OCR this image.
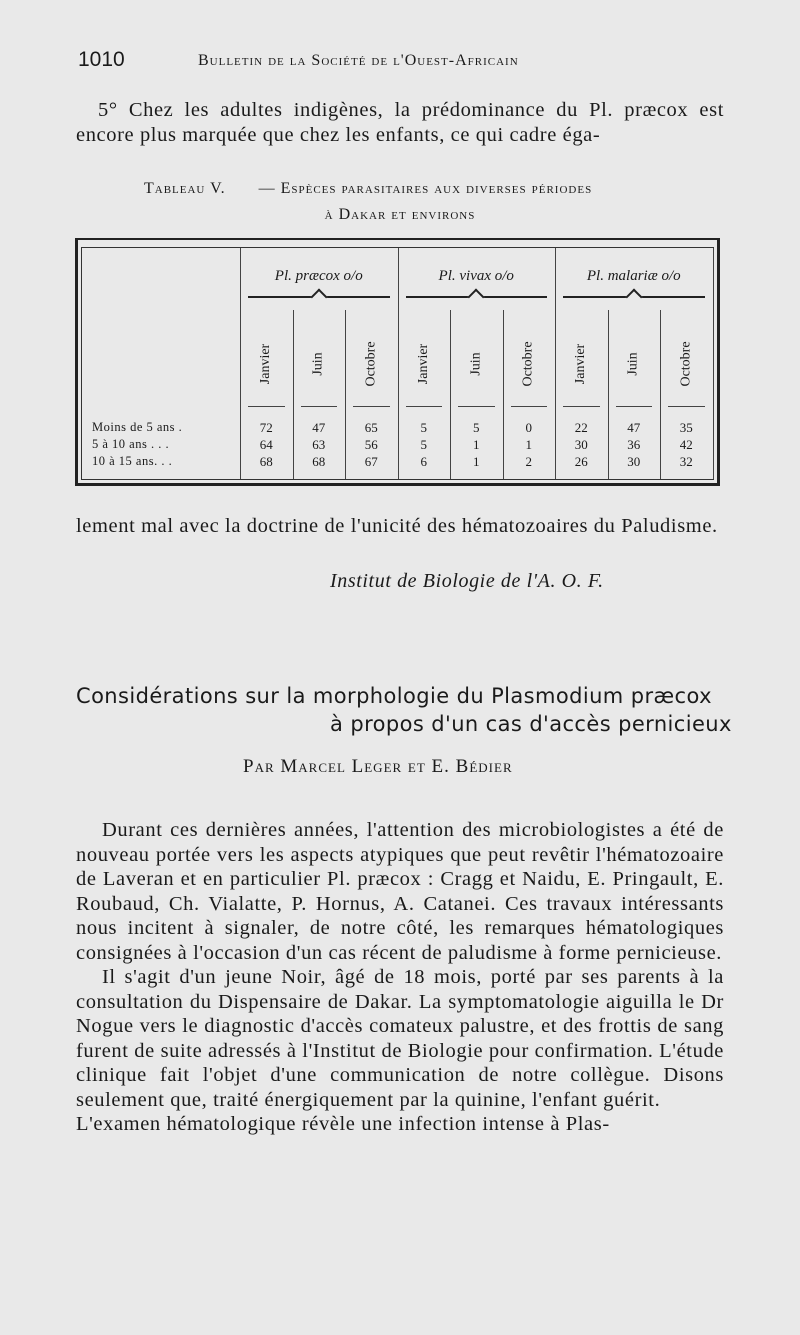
1010	Bulletin de la Société de l'Ouest-Africain
5° Chez les adultes indigènes, la prédominance du Pl. præcox est encore plus marquée que chez les enfants, ce qui cadre éga-
Tableau V. — Espèces parasitaires aux diverses périodes
à Dakar et environs
Pl. præcox o/o	Pl. vivax o/o	Pl. malariæ o/o
Janvier	Juin	Octobre	Janvier	Juin	Octobre	Janvier	Juin	Octobre
Moins de 5 ans .	72	47	65	5	5	0	22	47	35
5 à 10 ans . . .	64	63	56	5	1	1	30	36	42
10 à 15 ans. . .	68	68	67	6	1	2	26	30	32
lement mal avec la doctrine de l'unicité des hématozoaires du Paludisme.
Institut de Biologie de l'A. O. F.
Considérations sur la morphologie du Plasmodium præcox
à propos d'un cas d'accès pernicieux
Par Marcel Leger et E. Bédier

Durant ces dernières années, l'attention des microbiologistes a été de nouveau portée vers les aspects atypiques que peut revêtir l'hématozoaire de Laveran et en particulier Pl. præcox : Cragg et Naidu, E. Pringault, E. Roubaud, Ch. Vialatte, P. Hornus, A. Catanei. Ces travaux intéressants nous incitent à signaler, de notre côté, les remarques hématologiques consignées à l'occasion d'un cas récent de paludisme à forme pernicieuse.

Il s'agit d'un jeune Noir, âgé de 18 mois, porté par ses parents à la consultation du Dispensaire de Dakar. La symptomatologie aiguilla le Dr Nogue vers le diagnostic d'accès comateux palustre, et des frottis de sang furent de suite adressés à l'Institut de Biologie pour confirmation. L'étude clinique fait l'objet d'une communication de notre collègue. Disons seulement que, traité énergiquement par la quinine, l'enfant guérit.

L'examen hématologique révèle une infection intense à Plas-
